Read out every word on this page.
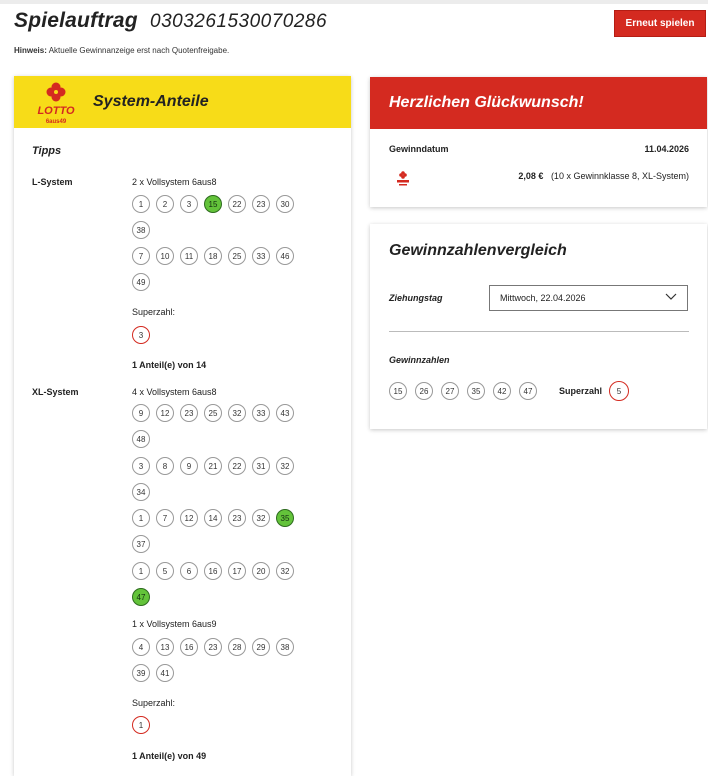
Spielauftrag 0303261530070286	Erneut spielen
Hinweis: Aktuelle Gewinnanzeige erst nach Quotenfreigabe.
LOTTO
6aus49
System-Anteile
Tipps
L-System	2 x Vollsystem 6aus8
1	2	3	15	22	23	30
38
7	10	11	18	25	33	46
49
Superzahl:
3
1 Anteil(e) von 14
XL-System	4 x Vollsystem 6aus8
9	12	23	25	32	33	43
48
3	8	9	21	22	31	32
34
1	7	12	14	23	32	35
37
1	5	6	16	17	20	32
47
1 x Vollsystem 6aus9
4	13	16	23	28	29	38
39	41
Superzahl:
1
1 Anteil(e) von 49
Herzlichen Glückwunsch!
Gewinndatum	11.04.2026
2,08 € (10 x Gewinnklasse 8, XL-System)
Gewinnzahlenvergleich
Ziehungstag	Mittwoch, 22.04.2026
Gewinnzahlen
15	26	27	35	42	47	Superzahl	5
